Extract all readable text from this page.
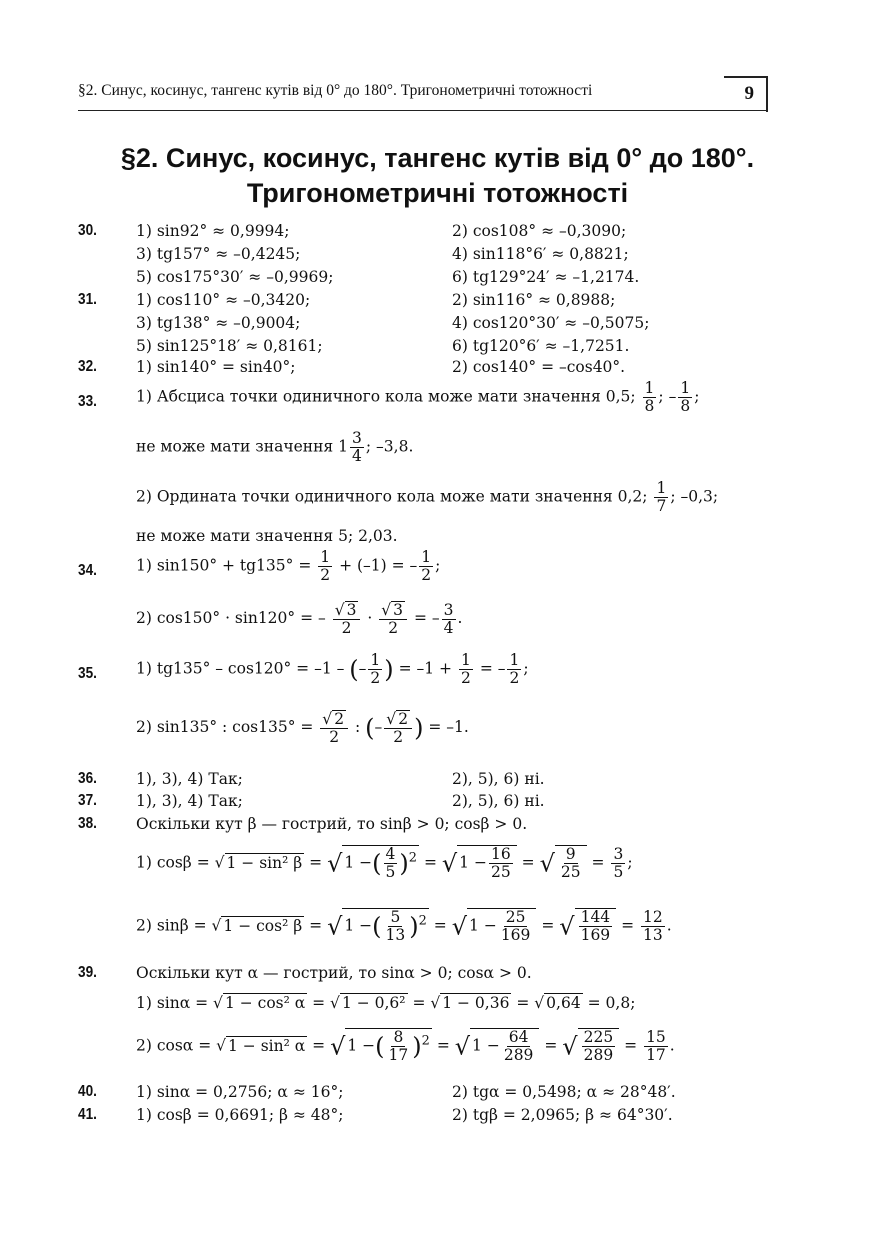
§2. Синус, косинус, тангенс кутів від 0° до 180°. Тригонометричні тотожності	9
§2. Синус, косинус, тангенс кутів від 0° до 180°.
Тригонометричні тотожності
30.	1) sin92° ≈ 0,9994;	2) cos108° ≈ –0,3090;
3) tg157° ≈ –0,4245;	4) sin118°6′ ≈ 0,8821;
5) cos175°30′ ≈ –0,9969;	6) tg129°24′ ≈ –1,2174.
31.	1) cos110° ≈ –0,3420;	2) sin116° ≈ 0,8988;
3) tg138° ≈ –0,9004;	4) cos120°30′ ≈ –0,5075;
5) sin125°18′ ≈ 0,8161;	6) tg120°6′ ≈ –1,7251.
32.	1) sin140° = sin40°;	2) cos140° = –cos40°.
33.	1) Абсциса точки одиничного кола може мати значення 0,5; $\frac{1}{8}$ ; – $\frac{1}{8}$ ;
не може мати значення $1 \frac{3}{4}$ ; –3,8.
2) Ордината точки одиничного кола може мати значення 0,2; $\frac{1}{7}$ ; –0,3;
не може мати значення 5; 2,03.
34.	1) $\sin 150^\circ + tg135^\circ = \frac{1}{2} + (-1)$ = – $\frac{1}{2}$ ;
2) cos150° · sin120° = – $\frac{√ 3}{2} \cdot \frac{√ 3}{2}$ = – $\frac{3}{4}$ .
35.	1) tg135° – cos120° = –1 – (– $\frac{1}{2}$ ) = $-1 + \frac{1}{2}$ = – $\frac{1}{2}$ ;
2) sin135° : $\cos 135^\circ = \frac{√ 2}{2}$ : (– $\frac{√ 2}{2}$ ) = –1.
36.	1), 3), 4) Так;	2), 5), 6) ні.
37.	1), 3), 4) Так;	2), 5), 6) ні.
38.	Оскільки кут β — гострий, то sinβ > 0; cosβ > 0.
1) cosβ = √ 1 − sin² β = √ 1 −( $\frac{4}{5} )^2$ = √ $1 - \frac{16}{25}$ = √ $\frac{9}{25} = \frac{3}{5}$ ;
2) sinβ = √ 1 − cos² β = √ 1 −( $\frac{5}{13} )^2$ = √ $1 - \frac{25}{169}$ = √ $\frac{144}{169} = \frac{12}{13}$ .
39.	Оскільки кут α — гострий, то sinα > 0; cosα > 0.
1) sinα = √ 1 − cos² α = √ 1 − 0,6² = √ 1 − 0,36 = √ 0,64 = 0,8;
2) cosα = √ 1 − sin² α = √ 1 −( $\frac{8}{17} )^2$ = √ $1 - \frac{64}{289}$ = √ $\frac{225}{289} = \frac{15}{17}$ .
40.	1) sinα = 0,2756; α ≈ 16°;	2) tgα = 0,5498; α ≈ 28°48′.
41.	1) cosβ = 0,6691; β ≈ 48°;	2) tgβ = 2,0965; β ≈ 64°30′.
